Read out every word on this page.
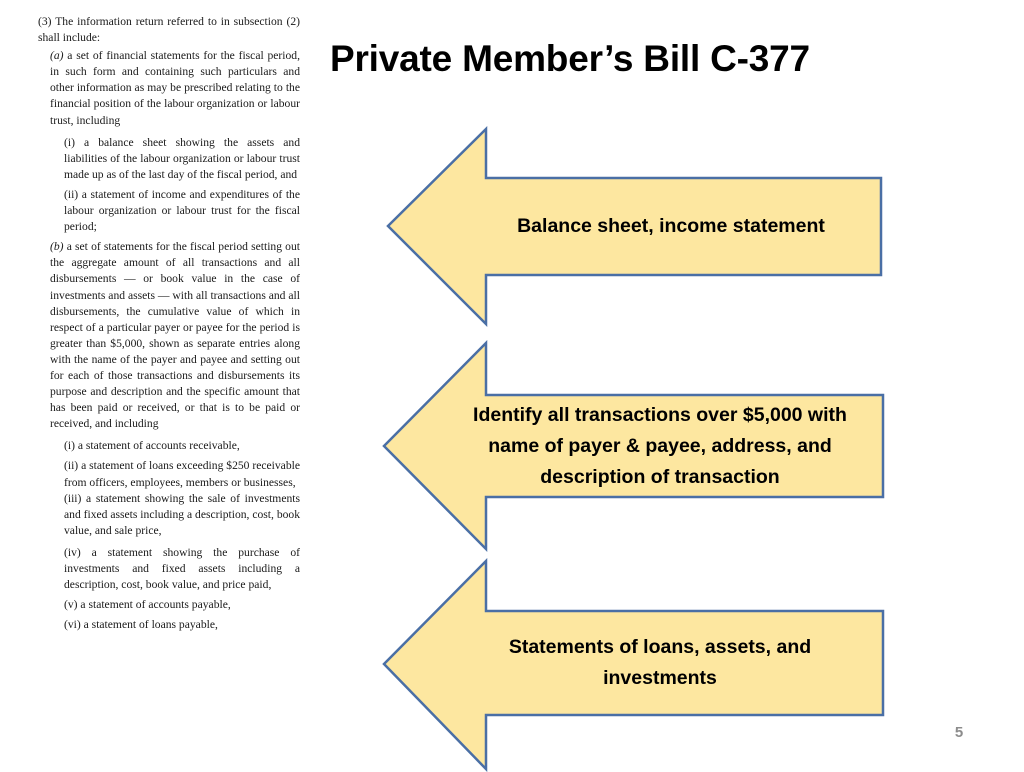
(3) The information return referred to in subsection (2) shall include:

(a) a set of financial statements for the fiscal period, in such form and containing such particulars and other information as may be prescribed relating to the financial position of the labour organization or labour trust, including

(i) a balance sheet showing the assets and liabilities of the labour organization or labour trust made up as of the last day of the fiscal period, and

(ii) a statement of income and expenditures of the labour organization or labour trust for the fiscal period;

(b) a set of statements for the fiscal period setting out the aggregate amount of all transactions and all disbursements — or book value in the case of investments and assets — with all transactions and all disbursements, the cumulative value of which in respect of a particular payer or payee for the period is greater than $5,000, shown as separate entries along with the name of the payer and payee and setting out for each of those transactions and disbursements its purpose and description and the specific amount that has been paid or received, or that is to be paid or received, and including

(i) a statement of accounts receivable,

(ii) a statement of loans exceeding $250 receivable from officers, employees, members or businesses,

(iii) a statement showing the sale of investments and fixed assets including a description, cost, book value, and sale price,

(iv) a statement showing the purchase of investments and fixed assets including a description, cost, book value, and price paid,

(v) a statement of accounts payable,

(vi) a statement of loans payable,

Private Member’s Bill C-377
Balance sheet, income statement
Identify all transactions over $5,000 with name of payer & payee, address, and description of transaction
Statements of loans, assets, and investments
5
